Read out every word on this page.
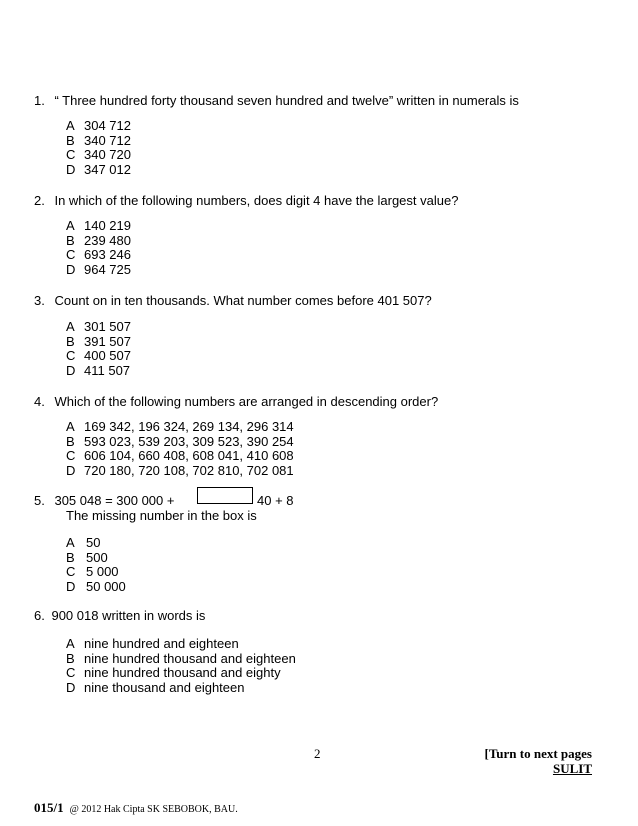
1. “ Three hundred forty thousand seven hundred and twelve” written in numerals is
A 304 712
B 340 712
C 340 720
D 347 012
2. In which of the following numbers, does digit 4 have the largest value?
A 140 219
B 239 480
C 693 246
D 964 725
3. Count on in ten thousands. What number comes before 401 507?
A 301 507
B 391 507
C 400 507
D 411 507
4. Which of the following numbers are arranged in descending order?
A 169 342, 196 324, 269 134, 296 314
B 593 023, 539 203, 309 523, 390 254
C 606 104, 660 408, 608 041, 410 608
D 720 180, 720 108, 702 810, 702 081
5. 305 048 = 300 000 +	40 + 8
The missing number in the box is
A 50
B 500
C 5 000
D 50 000
6. 900 018 written in words is
A nine hundred and eighteen
B nine hundred thousand and eighteen
C nine hundred thousand and eighty
D nine thousand and eighteen
2	[Turn to next pages
SULIT
015/1 @ 2012 Hak Cipta SK SEBOBOK, BAU.
